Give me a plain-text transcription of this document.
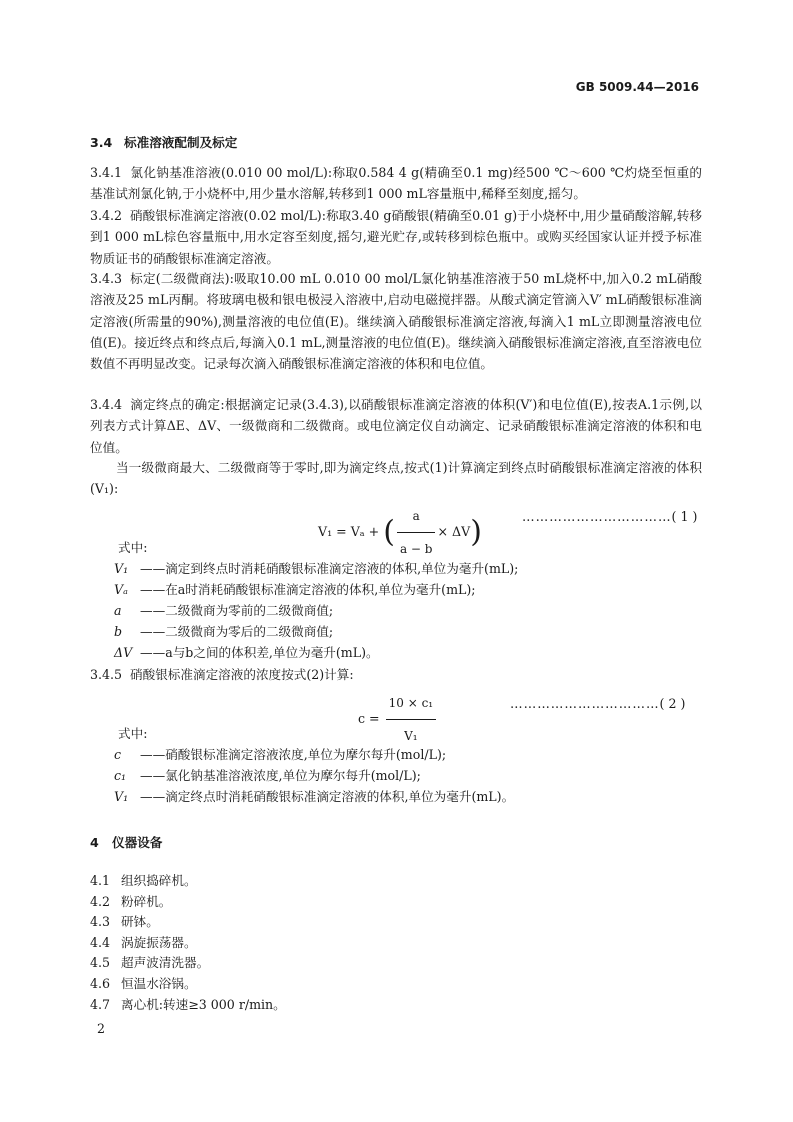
GB 5009.44—2016
3.4 标准溶液配制及标定
3.4.1 氯化钠基准溶液(0.010 00 mol/L):称取0.584 4 g(精确至0.1 mg)经500 ℃～600 ℃灼烧至恒重的基准试剂氯化钠,于小烧杯中,用少量水溶解,转移到1 000 mL容量瓶中,稀释至刻度,摇匀。
3.4.2 硝酸银标准滴定溶液(0.02 mol/L):称取3.40 g硝酸银(精确至0.01 g)于小烧杯中,用少量硝酸溶解,转移到1 000 mL棕色容量瓶中,用水定容至刻度,摇匀,避光贮存,或转移到棕色瓶中。或购买经国家认证并授予标准物质证书的硝酸银标准滴定溶液。
3.4.3 标定(二级微商法):吸取10.00 mL 0.010 00 mol/L氯化钠基准溶液于50 mL烧杯中,加入0.2 mL硝酸溶液及25 mL丙酮。将玻璃电极和银电极浸入溶液中,启动电磁搅拌器。从酸式滴定管滴入V′ mL硝酸银标准滴定溶液(所需量的90%),测量溶液的电位值(E)。继续滴入硝酸银标准滴定溶液,每滴入1 mL立即测量溶液电位值(E)。接近终点和终点后,每滴入0.1 mL,测量溶液的电位值(E)。继续滴入硝酸银标准滴定溶液,直至溶液电位数值不再明显改变。记录每次滴入硝酸银标准滴定溶液的体积和电位值。
3.4.4 滴定终点的确定:根据滴定记录(3.4.3),以硝酸银标准滴定溶液的体积(V′)和电位值(E),按表A.1示例,以列表方式计算ΔE、ΔV、一级微商和二级微商。或电位滴定仪自动滴定、记录硝酸银标准滴定溶液的体积和电位值。
当一级微商最大、二级微商等于零时,即为滴定终点,按式(1)计算滴定到终点时硝酸银标准滴定溶液的体积(V₁):
V₁ = Vₐ + ( $\frac{a}{a - b} \times \Delta V$)	……………………………( 1 )
式中:
V₁ ——滴定到终点时消耗硝酸银标准滴定溶液的体积,单位为毫升(mL);
Vₐ ——在a时消耗硝酸银标准滴定溶液的体积,单位为毫升(mL);
a ——二级微商为零前的二级微商值;
b ——二级微商为零后的二级微商值;
ΔV ——a与b之间的体积差,单位为毫升(mL)。
3.4.5 硝酸银标准滴定溶液的浓度按式(2)计算:
$c = \frac{\text{10 × c₁}}{\text{V₁}}$	……………………………( 2 )
式中:
c ——硝酸银标准滴定溶液浓度,单位为摩尔每升(mol/L);
c₁ ——氯化钠基准溶液浓度,单位为摩尔每升(mol/L);
V₁ ——滴定终点时消耗硝酸银标准滴定溶液的体积,单位为毫升(mL)。
4 仪器设备
4.1 组织捣碎机。
4.2 粉碎机。
4.3 研钵。
4.4 涡旋振荡器。
4.5 超声波清洗器。
4.6 恒温水浴锅。
4.7 离心机:转速≥3 000 r/min。
2
